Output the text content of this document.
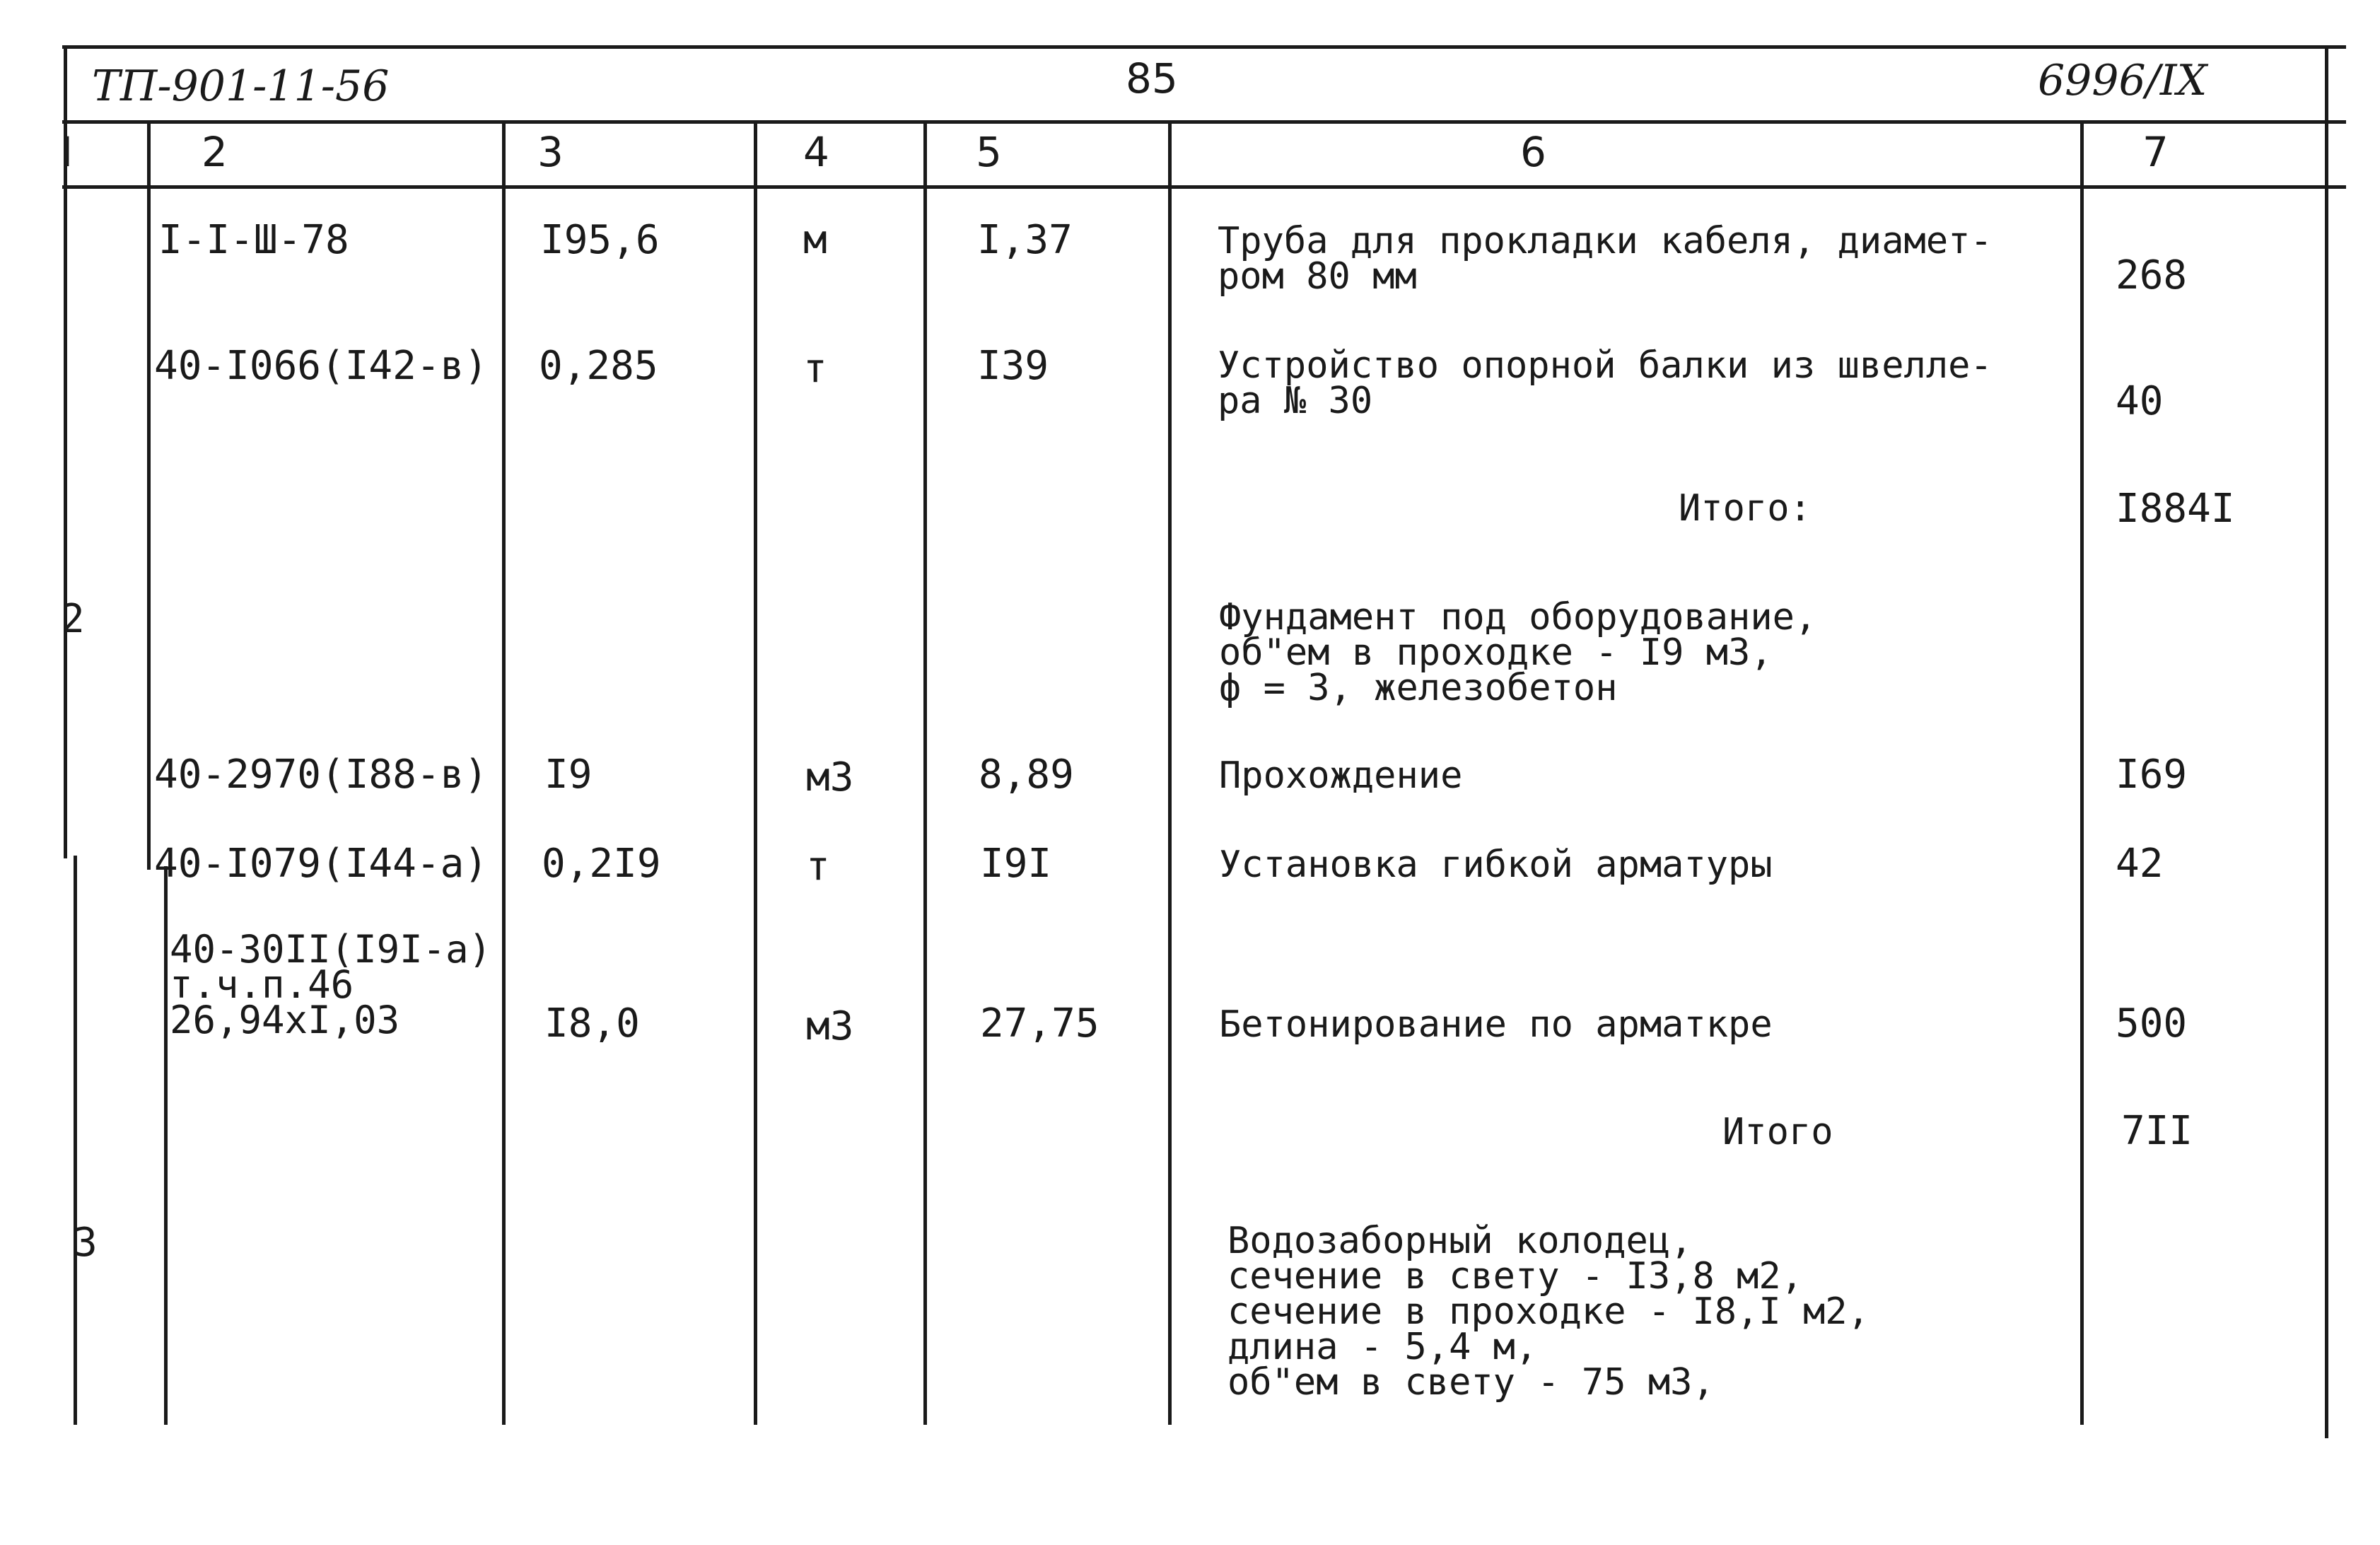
ТП-901-11-56	85	6996/IX
I	2	3	4	5	6	7
I-I-Ш-78	I95,6	м	I,37	Труба для прокладки кабеля, диамет-
ром 80 мм	268
40-I066(I42-в) 0,285	т	I39	Устройство опорной балки из швелле-
ра № 30	40
Итого:	I884I
2	Фундамент под оборудование,
об"ем в проходке - I9 м3,
ф = 3, железобетон
40-2970(I88-в) I9	м3	8,89	Прохождение	I69
40-I079(I44-а) 0,2I9	т	I9I	Установка гибкой арматуры	42
40-30II(I9I-а)
т.ч.п.46
26,94хI,03	I8,0	м3	27,75	Бетонирование по арматкре	500
Итого	7II
3	Водозаборный колодец,
сечение в свету - I3,8 м2,
сечение в проходке - I8,I м2,
длина - 5,4 м,
об"ем в свету - 75 м3,
